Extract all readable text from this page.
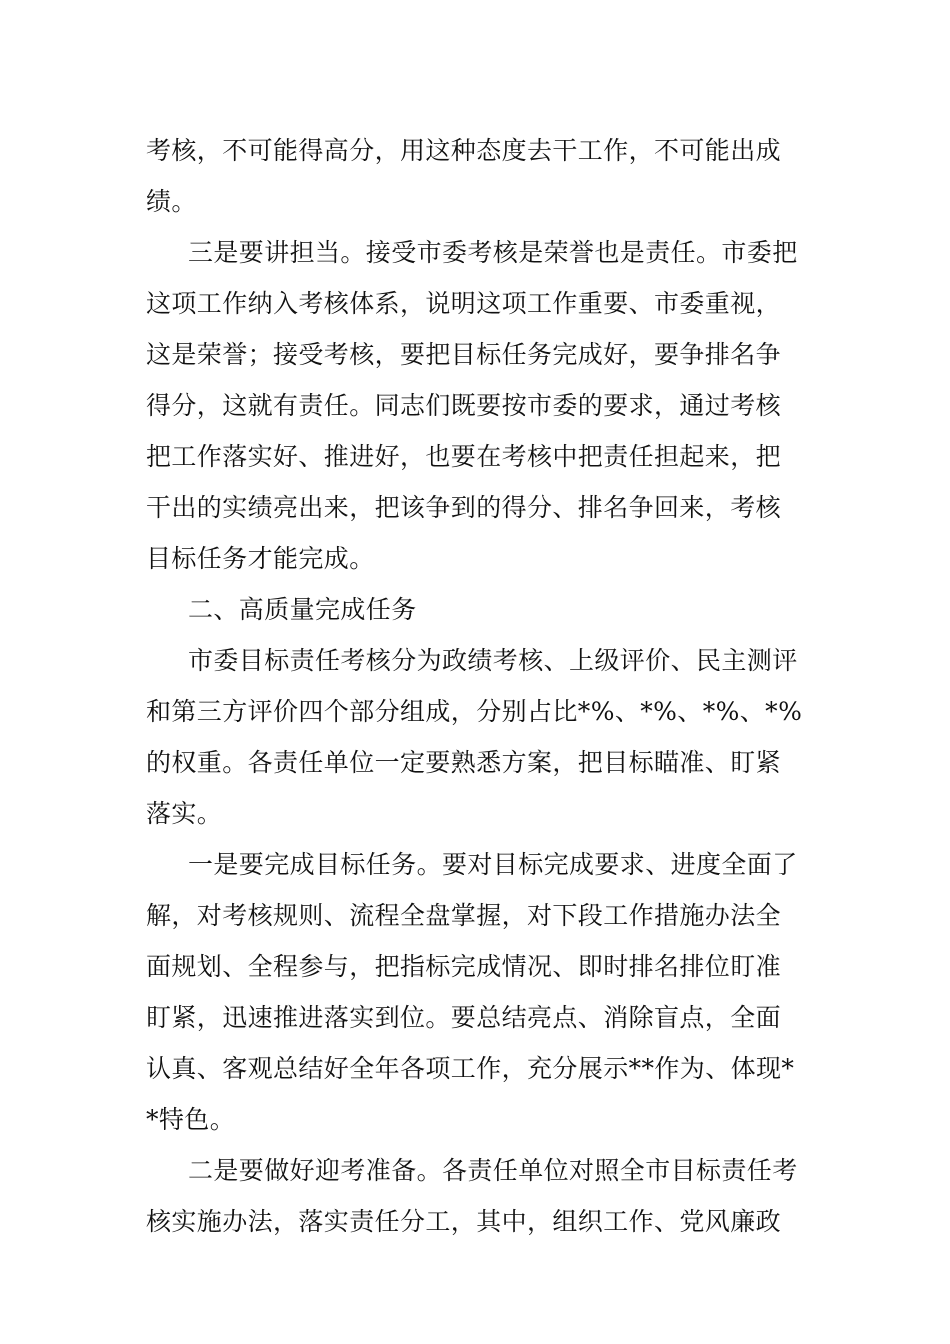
考核，不可能得高分，用这种态度去干工作，不可能出成
绩。
三是要讲担当。接受市委考核是荣誉也是责任。市委把
这项工作纳入考核体系，说明这项工作重要、市委重视，
这是荣誉；接受考核，要把目标任务完成好，要争排名争
得分，这就有责任。同志们既要按市委的要求，通过考核
把工作落实好、推进好，也要在考核中把责任担起来，把
干出的实绩亮出来，把该争到的得分、排名争回来，考核
目标任务才能完成。
二、高质量完成任务
市委目标责任考核分为政绩考核、上级评价、民主测评
和第三方评价四个部分组成，分别占比*%、*%、*%、*%
的权重。各责任单位一定要熟悉方案，把目标瞄准、盯紧
落实。
一是要完成目标任务。要对目标完成要求、进度全面了
解，对考核规则、流程全盘掌握，对下段工作措施办法全
面规划、全程参与，把指标完成情况、即时排名排位盯准
盯紧，迅速推进落实到位。要总结亮点、消除盲点，全面
认真、客观总结好全年各项工作，充分展示**作为、体现*
*特色。
二是要做好迎考准备。各责任单位对照全市目标责任考
核实施办法，落实责任分工，其中，组织工作、党风廉政
